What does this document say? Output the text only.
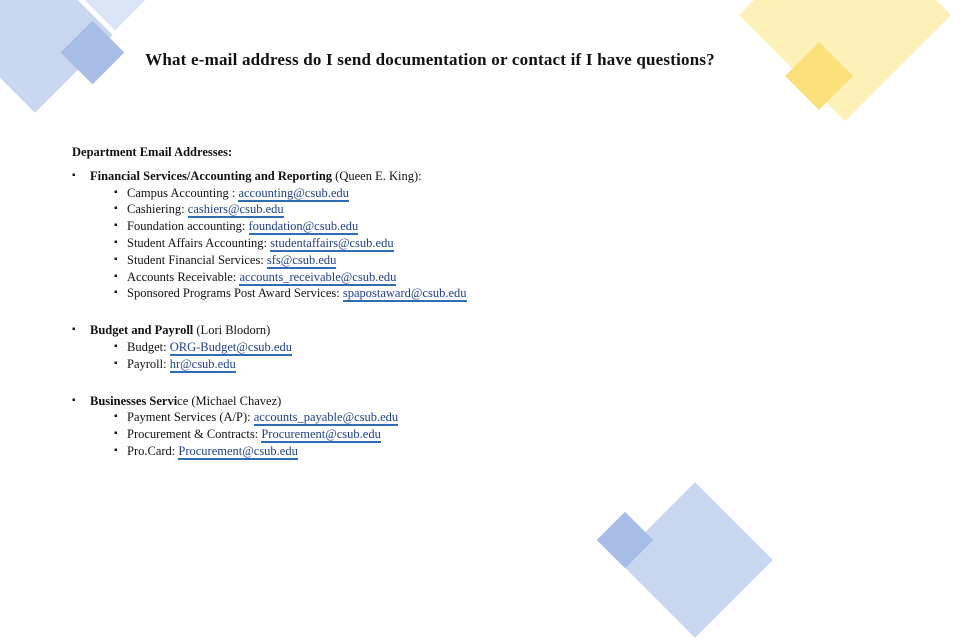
What e-mail address do I send documentation or contact if I have questions?
Department Email Addresses:
▪ Financial Services/Accounting and Reporting (Queen E. King):
▪ Campus Accounting : accounting@csub.edu
▪ Cashiering: cashiers@csub.edu
▪ Foundation accounting: foundation@csub.edu
▪ Student Affairs Accounting: studentaffairs@csub.edu
▪ Student Financial Services: sfs@csub.edu
▪ Accounts Receivable: accounts_receivable@csub.edu
▪ Sponsored Programs Post Award Services: spapostaward@csub.edu
▪ Budget and Payroll (Lori Blodorn)
▪ Budget: ORG-Budget@csub.edu
▪ Payroll: hr@csub.edu
▪ Businesses Service (Michael Chavez)
▪ Payment Services (A/P): accounts_payable@csub.edu
▪ Procurement & Contracts: Procurement@csub.edu
▪ Pro.Card: Procurement@csub.edu
